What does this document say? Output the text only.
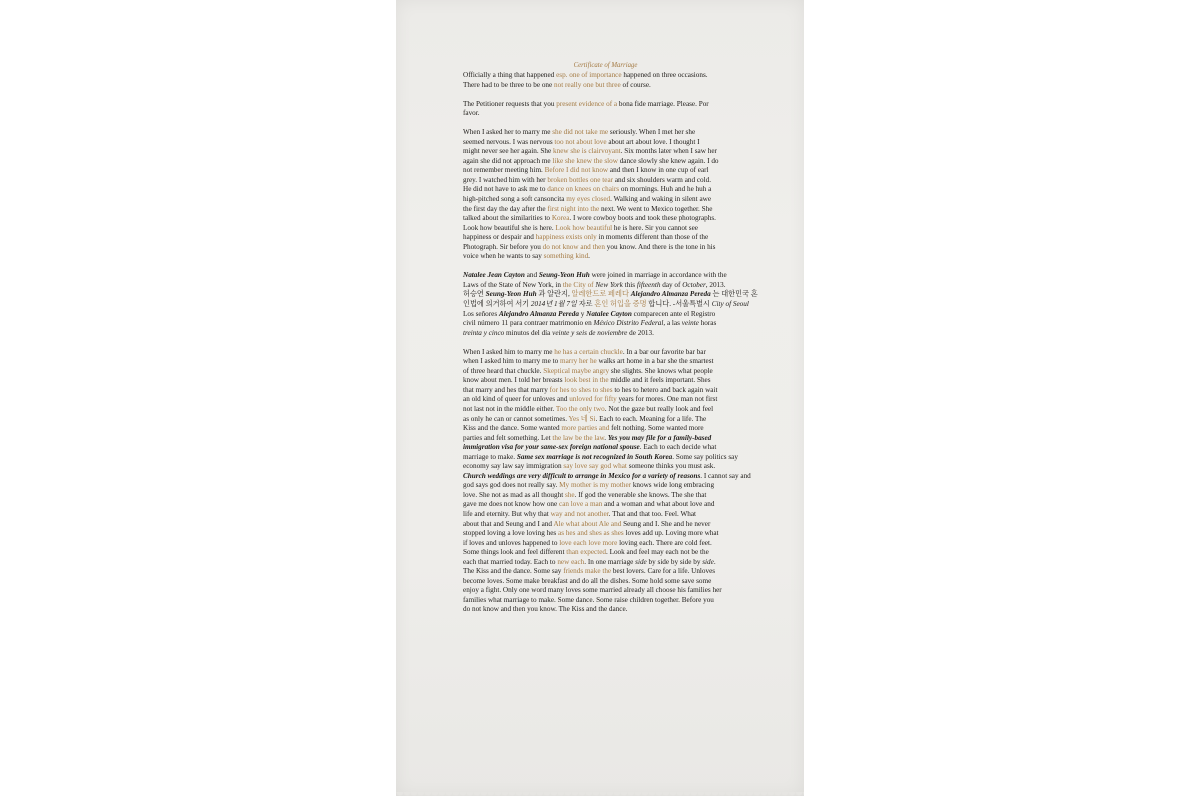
Certificate of Marriage

Officially a thing that happened esp. one of importance happened on three occasions.
There had to be three to be one not really one but three of course.

The Petitioner requests that you present evidence of a bona fide marriage. Please. Por
favor.

When I asked her to marry me she did not take me seriously. When I met her she
seemed nervous. I was nervous too not about love about art about love. I thought I
might never see her again. She knew she is clairvoyant. Six months later when I saw her
again she did not approach me like she knew the slow dance slowly she knew again. I do
not remember meeting him. Before I did not know and then I know in one cup of earl
grey. I watched him with her broken bottles one tear and six shoulders warm and cold.
He did not have to ask me to dance on knees on chairs on mornings. Huh and he huh a
high-pitched song a soft cansoncita my eyes closed. Walking and waking in silent awe
the first day the day after the first night into the next. We went to Mexico together. She
talked about the similarities to Korea. I wore cowboy boots and took these photographs.
Look how beautiful she is here. Look how beautiful he is here. Sir you cannot see
happiness or despair and happiness exists only in moments different than those of the
Photograph. Sir before you do not know and then you know. And there is the tone in his
voice when he wants to say something kind.

Natalee Jean Cayton and Seung-Yeon Huh were joined in marriage in accordance with the
Laws of the State of New York, in the City of New York this fifteenth day of October, 2013.
허승연 Seung-Yeon Huh 과 알란지, 알레한드로 페레다 Alejandro Almanza Pereda 는 대한민국 혼
인법에 의거하여 서기 2014년 1월 7일 자로 혼인 허입을 증명 합니다. -서울특별시 City of Seoul
Los señores Alejandro Almanza Pereda y Natalee Cayton comparecen ante el Registro
civil número 11 para contraer matrimonio en México Distrito Federal, a las veinte horas
treinta y cinco minutos del día veinte y seis de noviembre de 2013.

When I asked him to marry me he has a certain chuckle. In a bar our favorite bar bar
when I asked him to marry me to marry her he walks art home in a bar she the smartest
of three heard that chuckle. Skeptical maybe angry she slights. She knows what people
know about men. I told her breasts look best in the middle and it feels important. Shes
that marry and hes that marry for hes to shes to shes to hes to hetero and back again wait
an old kind of queer for unloves and unloved for fifty years for mores. One man not first
not last not in the middle either. Too the only two. Not the gaze but really look and feel
as only he can or cannot sometimes. Yes 네 Si. Each to each. Meaning for a life. The
Kiss and the dance. Some wanted more parties and felt nothing. Some wanted more
parties and felt something. Let the law be the law. Yes you may file for a family-based
immigration visa for your same-sex foreign national spouse. Each to each decide what
marriage to make. Same sex marriage is not recognized in South Korea. Some say politics say
economy say law say immigration say love say god what someone thinks you must ask.
Church weddings are very difficult to arrange in Mexico for a variety of reasons. I cannot say and
god says god does not really say. My mother is my mother knows wide long embracing
love. She not as mad as all thought she. If god the venerable she knows. The she that
gave me does not know how one can love a man and a woman and what about love and
life and eternity. But why that way and not another. That and that too. Feel. What
about that and Seung and I and Ale what about Ale and Seung and I. She and he never
stopped loving a love loving hes as hes and shes as shes loves add up. Loving more what
if loves and unloves happened to love each love more loving each. There are cold feet.
Some things look and feel different than expected. Look and feel may each not be the
each that married today. Each to new each. In one marriage side by side by side by side.
The Kiss and the dance. Some say friends make the best lovers. Care for a life. Unloves
become loves. Some make breakfast and do all the dishes. Some hold some save some
enjoy a fight. Only one word many loves some married already all choose his families her
families what marriage to make. Some dance. Some raise children together. Before you
do not know and then you know. The Kiss and the dance.
